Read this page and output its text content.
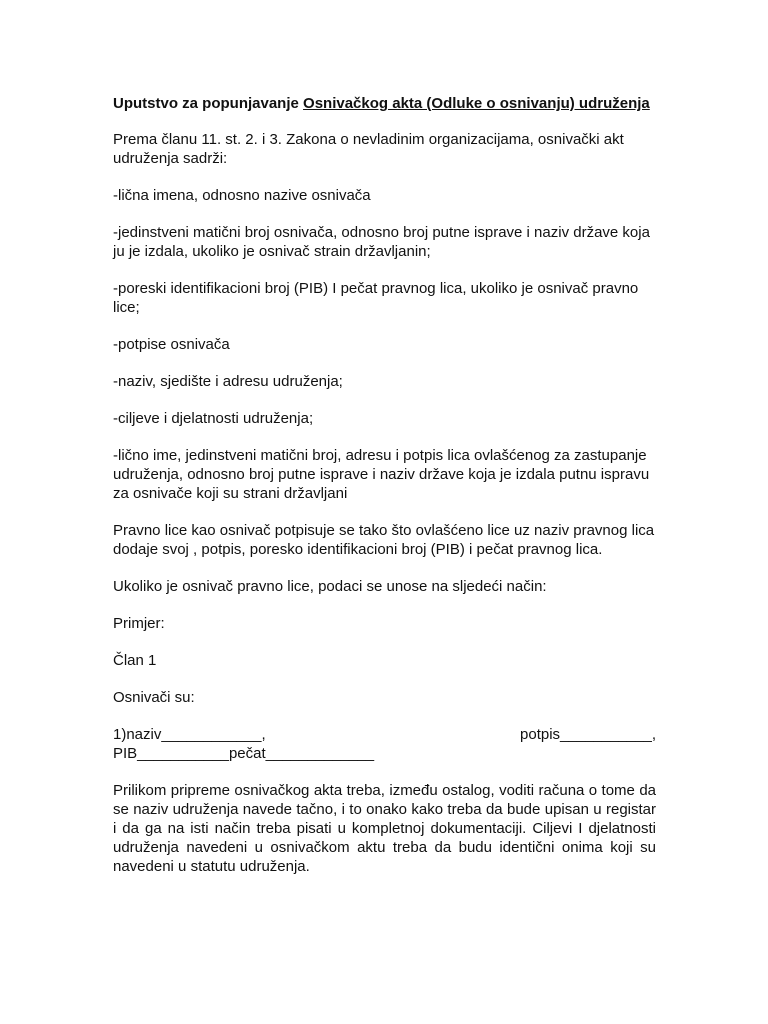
Uputstvo za popunjavanje Osnivačkog akta (Odluke o osnivanju) udruženja

Prema članu 11. st. 2. i 3. Zakona o nevladinim organizacijama, osnivački akt udruženja sadrži:

-lična imena, odnosno nazive osnivača

-jedinstveni matični broj osnivača, odnosno broj putne isprave i naziv države koja ju je izdala, ukoliko je osnivač strain državljanin;

-poreski identifikacioni broj (PIB) I pečat pravnog lica, ukoliko je osnivač pravno lice;

-potpise osnivača

-naziv, sjedište i adresu udruženja;

-ciljeve i djelatnosti udruženja;

-lično ime, jedinstveni matični broj, adresu i potpis lica ovlašćenog za zastupanje udruženja, odnosno broj putne isprave i naziv države koja je izdala putnu ispravu za osnivače koji su strani državljani

Pravno lice kao osnivač potpisuje se tako što ovlašćeno lice uz naziv pravnog lica dodaje svoj , potpis, poresko identifikacioni broj (PIB) i pečat pravnog lica.

Ukoliko je osnivač pravno lice, podaci se unose na sljedeći način:

Primjer:

Član 1

Osnivači su:

1)naziv____________,	potpis___________,
PIB___________pečat_____________

Prilikom pripreme osnivačkog akta treba, između ostalog, voditi računa o tome da se naziv udruženja navede tačno, i to onako kako treba da bude upisan u registar i da ga na isti način treba pisati u kompletnoj dokumentaciji. Ciljevi I djelatnosti udruženja navedeni u osnivačkom aktu treba da budu identični onima koji su navedeni u statutu udruženja.
